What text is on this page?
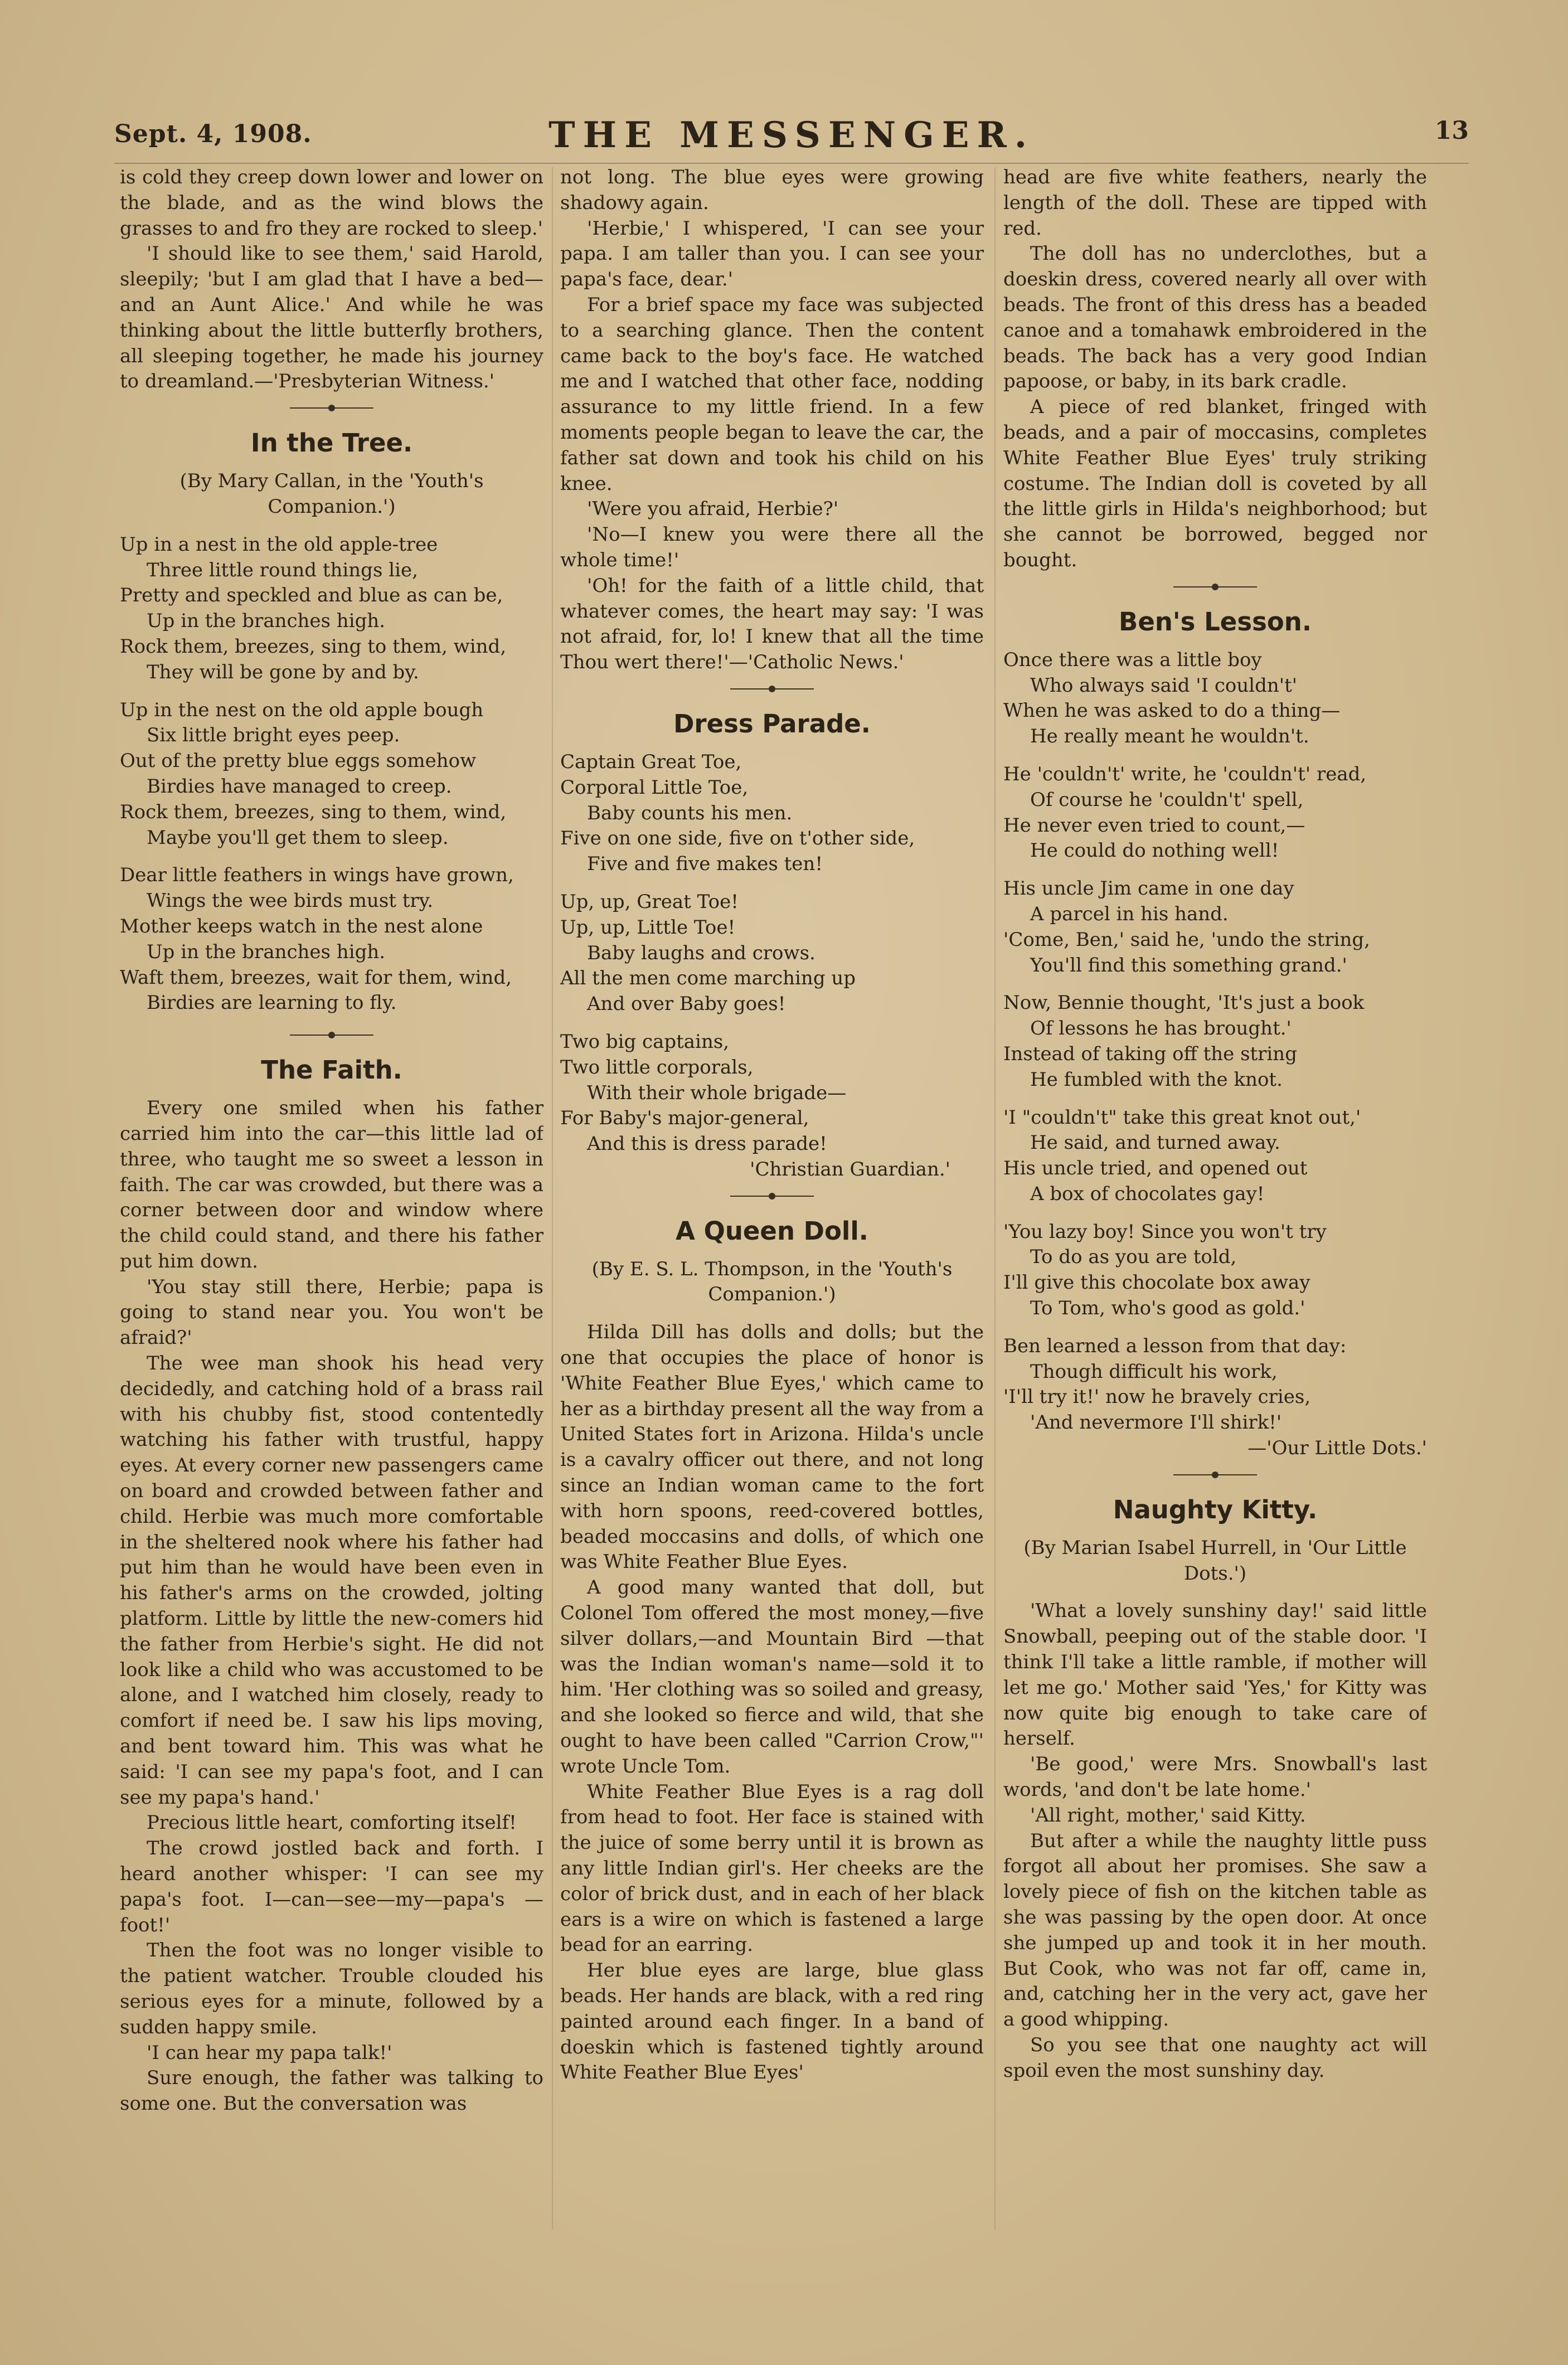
Sept. 4, 1908.	THE MESSENGER.	13

is cold they creep down lower and lower on the blade, and as the wind blows the grasses to and fro they are rocked to sleep.'

'I should like to see them,' said Harold, sleepily; 'but I am glad that I have a bed—and an Aunt Alice.' And while he was thinking about the little butterfly brothers, all sleeping together, he made his journey to dreamland.—'Presbyterian Witness.'

In the Tree.
(By Mary Callan, in the 'Youth's Companion.')
Up in a nest in the old apple-tree
Three little round things lie,
Pretty and speckled and blue as can be,
Up in the branches high.
Rock them, breezes, sing to them, wind,
They will be gone by and by.
Up in the nest on the old apple bough
Six little bright eyes peep.
Out of the pretty blue eggs somehow
Birdies have managed to creep.
Rock them, breezes, sing to them, wind,
Maybe you'll get them to sleep.
Dear little feathers in wings have grown,
Wings the wee birds must try.
Mother keeps watch in the nest alone
Up in the branches high.
Waft them, breezes, wait for them, wind,
Birdies are learning to fly.
The Faith.

Every one smiled when his father carried him into the car—this little lad of three, who taught me so sweet a lesson in faith. The car was crowded, but there was a corner between door and window where the child could stand, and there his father put him down.

'You stay still there, Herbie; papa is going to stand near you. You won't be afraid?'

The wee man shook his head very decidedly, and catching hold of a brass rail with his chubby fist, stood contentedly watching his father with trustful, happy eyes. At every corner new passengers came on board and crowded between father and child. Herbie was much more comfortable in the sheltered nook where his father had put him than he would have been even in his father's arms on the crowded, jolting platform. Little by little the new-comers hid the father from Herbie's sight. He did not look like a child who was accustomed to be alone, and I watched him closely, ready to comfort if need be. I saw his lips moving, and bent toward him. This was what he said: 'I can see my papa's foot, and I can see my papa's hand.'

Precious little heart, comforting itself!

The crowd jostled back and forth. I heard another whisper: 'I can see my papa's foot. I—can—see—my—papa's —foot!'

Then the foot was no longer visible to the patient watcher. Trouble clouded his serious eyes for a minute, followed by a sudden happy smile.

'I can hear my papa talk!'

Sure enough, the father was talking to some one. But the conversation was

not long. The blue eyes were growing shadowy again.

'Herbie,' I whispered, 'I can see your papa. I am taller than you. I can see your papa's face, dear.'

For a brief space my face was subjected to a searching glance. Then the content came back to the boy's face. He watched me and I watched that other face, nodding assurance to my little friend. In a few moments people began to leave the car, the father sat down and took his child on his knee.

'Were you afraid, Herbie?'

'No—I knew you were there all the whole time!'

'Oh! for the faith of a little child, that whatever comes, the heart may say: 'I was not afraid, for, lo! I knew that all the time Thou wert there!'—'Catholic News.'

Dress Parade.
Captain Great Toe,
Corporal Little Toe,
Baby counts his men.
Five on one side, five on t'other side,
Five and five makes ten!
Up, up, Great Toe!
Up, up, Little Toe!
Baby laughs and crows.
All the men come marching up
And over Baby goes!
Two big captains,
Two little corporals,
With their whole brigade—
For Baby's major-general,
And this is dress parade!

'Christian Guardian.'

A Queen Doll.
(By E. S. L. Thompson, in the 'Youth's Companion.')

Hilda Dill has dolls and dolls; but the one that occupies the place of honor is 'White Feather Blue Eyes,' which came to her as a birthday present all the way from a United States fort in Arizona. Hilda's uncle is a cavalry officer out there, and not long since an Indian woman came to the fort with horn spoons, reed-covered bottles, beaded moccasins and dolls, of which one was White Feather Blue Eyes.

A good many wanted that doll, but Colonel Tom offered the most money,—five silver dollars,—and Mountain Bird —that was the Indian woman's name—sold it to him. 'Her clothing was so soiled and greasy, and she looked so fierce and wild, that she ought to have been called "Carrion Crow,"' wrote Uncle Tom.

White Feather Blue Eyes is a rag doll from head to foot. Her face is stained with the juice of some berry until it is brown as any little Indian girl's. Her cheeks are the color of brick dust, and in each of her black ears is a wire on which is fastened a large bead for an earring.

Her blue eyes are large, blue glass beads. Her hands are black, with a red ring painted around each finger. In a band of doeskin which is fastened tightly around White Feather Blue Eyes'

head are five white feathers, nearly the length of the doll. These are tipped with red.

The doll has no underclothes, but a doeskin dress, covered nearly all over with beads. The front of this dress has a beaded canoe and a tomahawk embroidered in the beads. The back has a very good Indian papoose, or baby, in its bark cradle.

A piece of red blanket, fringed with beads, and a pair of moccasins, completes White Feather Blue Eyes' truly striking costume. The Indian doll is coveted by all the little girls in Hilda's neighborhood; but she cannot be borrowed, begged nor bought.

Ben's Lesson.
Once there was a little boy
Who always said 'I couldn't'
When he was asked to do a thing—
He really meant he wouldn't.
He 'couldn't' write, he 'couldn't' read,
Of course he 'couldn't' spell,
He never even tried to count,—
He could do nothing well!
His uncle Jim came in one day
A parcel in his hand.
'Come, Ben,' said he, 'undo the string,
You'll find this something grand.'
Now, Bennie thought, 'It's just a book
Of lessons he has brought.'
Instead of taking off the string
He fumbled with the knot.
'I "couldn't" take this great knot out,'
He said, and turned away.
His uncle tried, and opened out
A box of chocolates gay!
'You lazy boy! Since you won't try
To do as you are told,
I'll give this chocolate box away
To Tom, who's good as gold.'
Ben learned a lesson from that day:
Though difficult his work,
'I'll try it!' now he bravely cries,
'And nevermore I'll shirk!'

—'Our Little Dots.'

Naughty Kitty.
(By Marian Isabel Hurrell, in 'Our Little Dots.')

'What a lovely sunshiny day!' said little Snowball, peeping out of the stable door. 'I think I'll take a little ramble, if mother will let me go.' Mother said 'Yes,' for Kitty was now quite big enough to take care of herself.

'Be good,' were Mrs. Snowball's last words, 'and don't be late home.'

'All right, mother,' said Kitty.

But after a while the naughty little puss forgot all about her promises. She saw a lovely piece of fish on the kitchen table as she was passing by the open door. At once she jumped up and took it in her mouth. But Cook, who was not far off, came in, and, catching her in the very act, gave her a good whipping.

So you see that one naughty act will spoil even the most sunshiny day.
